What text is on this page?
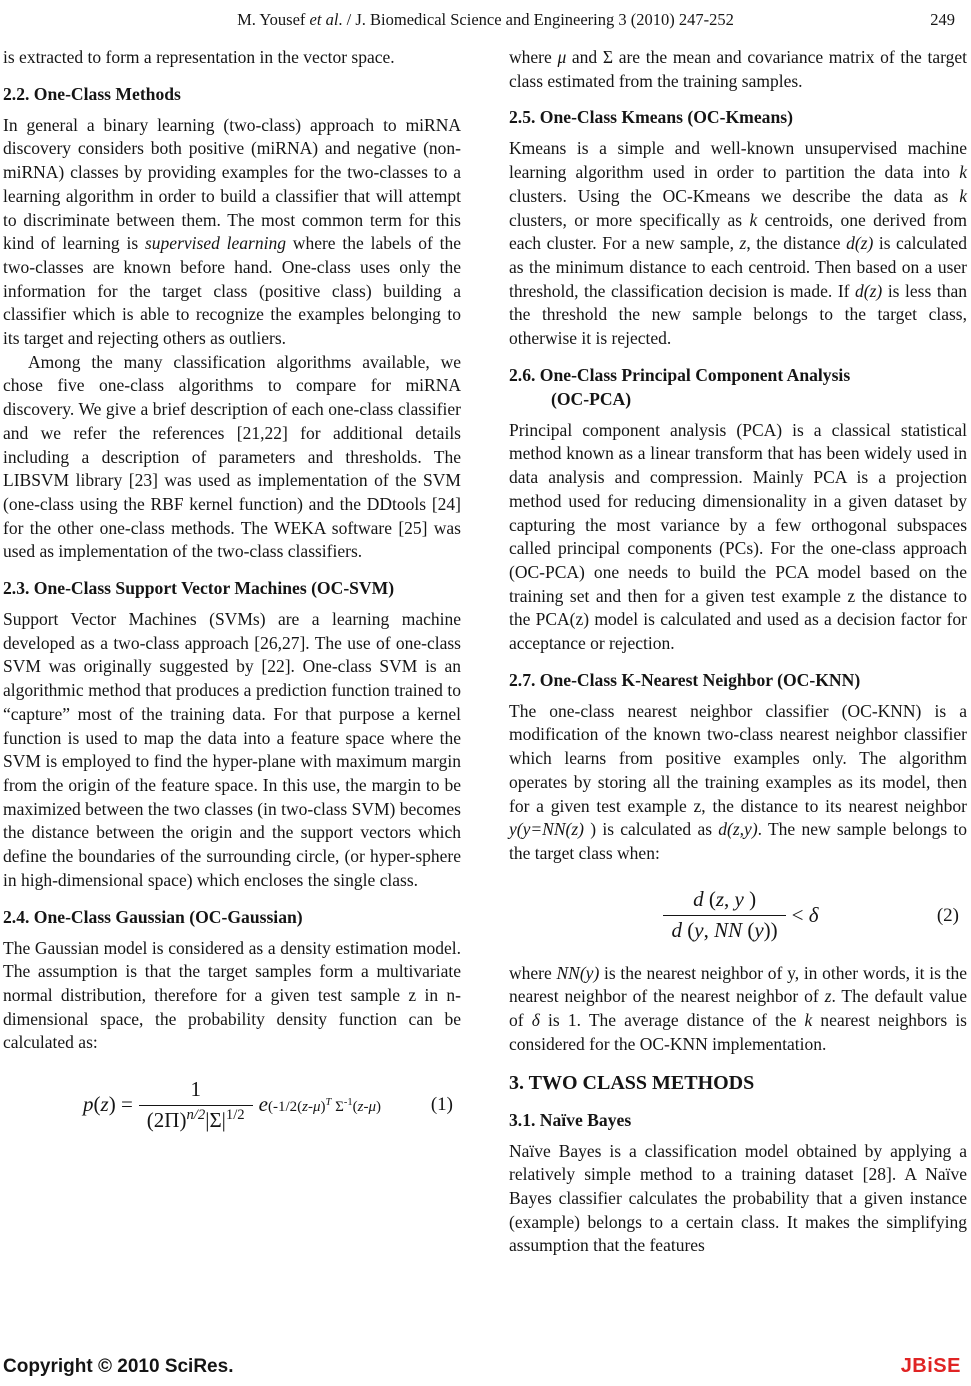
M. Yousef et al. / J. Biomedical Science and Engineering 3 (2010) 247-252	249

is extracted to form a representation in the vector space.

2.2. One-Class Methods

In general a binary learning (two-class) approach to miRNA discovery considers both positive (miRNA) and negative (non-miRNA) classes by providing examples for the two-classes to a learning algorithm in order to build a classifier that will attempt to discriminate between them. The most common term for this kind of learning is supervised learning where the labels of the two-classes are known before hand. One-class uses only the information for the target class (positive class) building a classifier which is able to recognize the examples belonging to its target and rejecting others as outliers.

Among the many classification algorithms available, we chose five one-class algorithms to compare for miRNA discovery. We give a brief description of each one-class classifier and we refer the references [21,22] for additional details including a description of parameters and thresholds. The LIBSVM library [23] was used as implementation of the SVM (one-class using the RBF kernel function) and the DDtools [24] for the other one-class methods. The WEKA software [25] was used as implementation of the two-class classifiers.

2.3. One-Class Support Vector Machines (OC-SVM)

Support Vector Machines (SVMs) are a learning machine developed as a two-class approach [26,27]. The use of one-class SVM was originally suggested by [22]. One-class SVM is an algorithmic method that produces a prediction function trained to “capture” most of the training data. For that purpose a kernel function is used to map the data into a feature space where the SVM is employed to find the hyper-plane with maximum margin from the origin of the feature space. In this use, the margin to be maximized between the two classes (in two-class SVM) becomes the distance between the origin and the support vectors which define the boundaries of the surrounding circle, (or hyper-sphere in high-dimensional space) which encloses the single class.

2.4. One-Class Gaussian (OC-Gaussian)

The Gaussian model is considered as a density estimation model. The assumption is that the target samples form a multivariate normal distribution, therefore for a given test sample z in n-dimensional space, the probability density function can be calculated as:

$p(z) = \frac{1}{(2\Pi)^{n/2}|\Sigma|^{1/2}}$ e ($-1/2(z-\mu)^T$ $\Sigma^{-1}(z-\mu)$	(1)

where μ and Σ are the mean and covariance matrix of the target class estimated from the training samples.

2.5. One-Class Kmeans (OC-Kmeans)

Kmeans is a simple and well-known unsupervised machine learning algorithm used in order to partition the data into k clusters. Using the OC-Kmeans we describe the data as k clusters, or more specifically as k centroids, one derived from each cluster. For a new sample, z, the distance d(z) is calculated as the minimum distance to each centroid. Then based on a user threshold, the classification decision is made. If d(z) is less than the threshold the new sample belongs to the target class, otherwise it is rejected.

2.6. One-Class Principal Component Analysis
(OC-PCA)

Principal component analysis (PCA) is a classical statistical method known as a linear transform that has been widely used in data analysis and compression. Mainly PCA is a projection method used for reducing dimensionality in a given dataset by capturing the most variance by a few orthogonal subspaces called principal components (PCs). For the one-class approach (OC-PCA) one needs to build the PCA model based on the training set and then for a given test example z the distance to the PCA(z) model is calculated and used as a decision factor for acceptance or rejection.

2.7. One-Class K-Nearest Neighbor (OC-KNN)

The one-class nearest neighbor classifier (OC-KNN) is a modification of the known two-class nearest neighbor classifier which learns from positive examples only. The algorithm operates by storing all the training examples as its model, then for a given test example z, the distance to its nearest neighbor y(y=NN(z) ) is calculated as d(z,y). The new sample belongs to the target class when:

$\frac{d (z, y )}{d (y, NN (y))} < \delta$	(2)

where NN(y) is the nearest neighbor of y, in other words, it is the nearest neighbor of the nearest neighbor of z. The default value of δ is 1. The average distance of the k nearest neighbors is considered for the OC-KNN implementation.

3. TWO CLASS METHODS
3.1. Naïve Bayes

Naïve Bayes is a classification model obtained by applying a relatively simple method to a training dataset [28]. A Naïve Bayes classifier calculates the probability that a given instance (example) belongs to a certain class. It makes the simplifying assumption that the features

Copyright © 2010 SciRes.	JBiSE
